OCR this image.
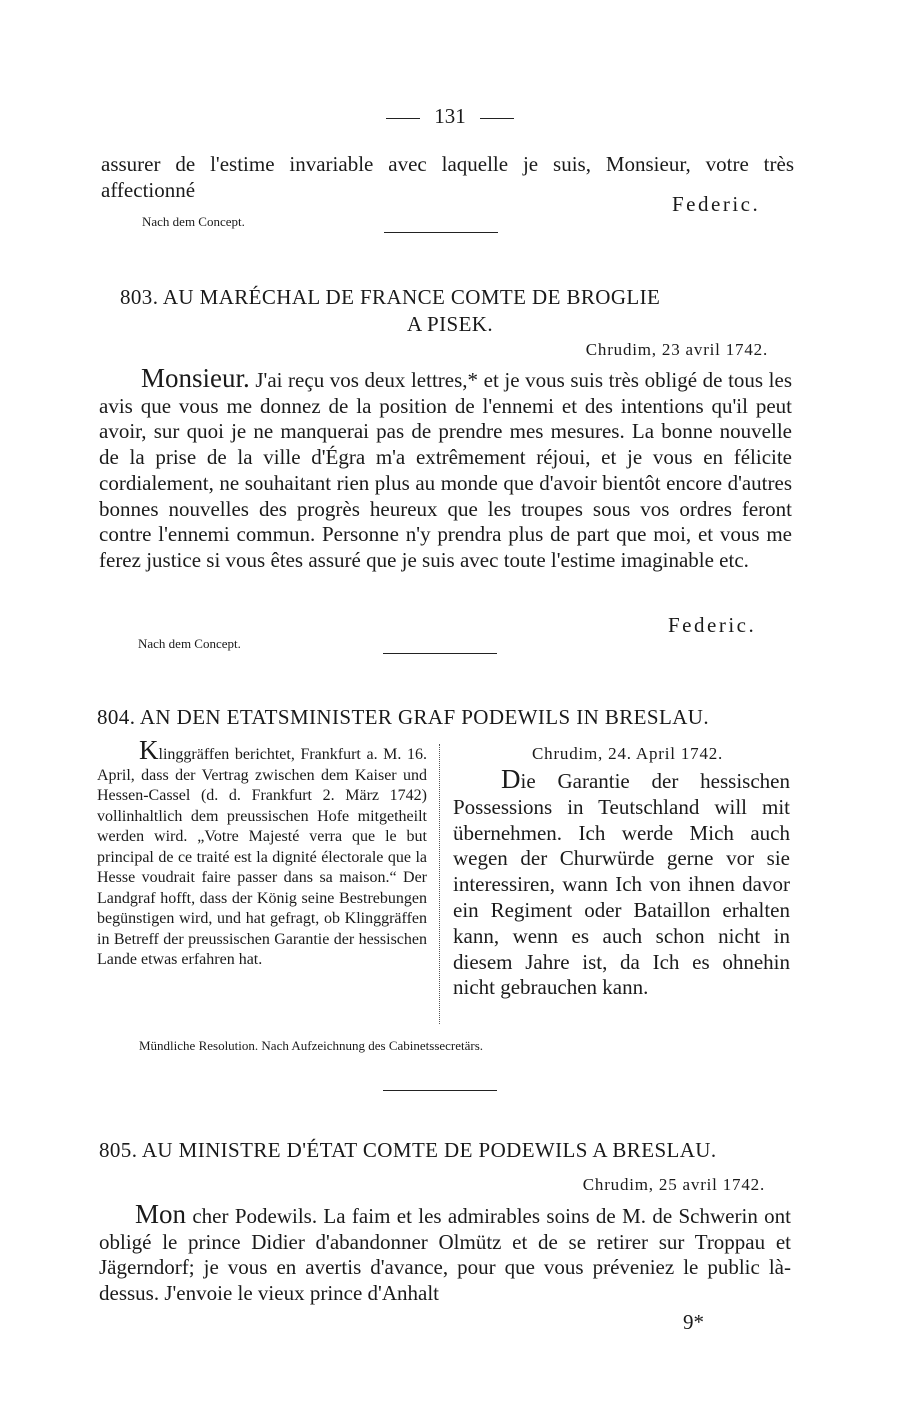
131
assurer de l'estime invariable avec laquelle je suis, Monsieur, votre très affectionné
Federic.
Nach dem Concept.
803. AU MARÉCHAL DE FRANCE COMTE DE BROGLIE
A PISEK.
Chrudim, 23 avril 1742.
Monsieur. J'ai reçu vos deux lettres,* et je vous suis très obligé de tous les avis que vous me donnez de la position de l'ennemi et des intentions qu'il peut avoir, sur quoi je ne manquerai pas de prendre mes mesures. La bonne nouvelle de la prise de la ville d'Égra m'a extrêmement réjoui, et je vous en félicite cordialement, ne souhaitant rien plus au monde que d'avoir bientôt encore d'autres bonnes nouvelles des progrès heureux que les troupes sous vos ordres feront contre l'ennemi commun. Personne n'y prendra plus de part que moi, et vous me ferez justice si vous êtes assuré que je suis avec toute l'estime imaginable etc.
Federic.
Nach dem Concept.
804. AN DEN ETATSMINISTER GRAF PODEWILS IN BRESLAU.
Klinggräffen berichtet, Frankfurt a. M. 16. April, dass der Vertrag zwischen dem Kaiser und Hessen-Cassel (d. d. Frankfurt 2. März 1742) vollinhaltlich dem preussischen Hofe mitgetheilt werden wird. „Votre Majesté verra que le but principal de ce traité est la dignité électorale que la Hesse voudrait faire passer dans sa maison.“ Der Landgraf hofft, dass der König seine Bestrebungen begünstigen wird, und hat gefragt, ob Klinggräffen in Betreff der preussischen Garantie der hessischen Lande etwas erfahren hat.
Chrudim, 24. April 1742.
Die Garantie der hessischen Possessions in Teutschland will mit übernehmen. Ich werde Mich auch wegen der Churwürde gerne vor sie interessiren, wann Ich von ihnen davor ein Regiment oder Bataillon erhalten kann, wenn es auch schon nicht in diesem Jahre ist, da Ich es ohnehin nicht gebrauchen kann.
Mündliche Resolution. Nach Aufzeichnung des Cabinetssecretärs.
805. AU MINISTRE D'ÉTAT COMTE DE PODEWILS A BRESLAU.
Chrudim, 25 avril 1742.
Mon cher Podewils. La faim et les admirables soins de M. de Schwerin ont obligé le prince Didier d'abandonner Olmütz et de se retirer sur Troppau et Jägerndorf; je vous en avertis d'avance, pour que vous préveniez le public là-dessus. J'envoie le vieux prince d'Anhalt
9*
